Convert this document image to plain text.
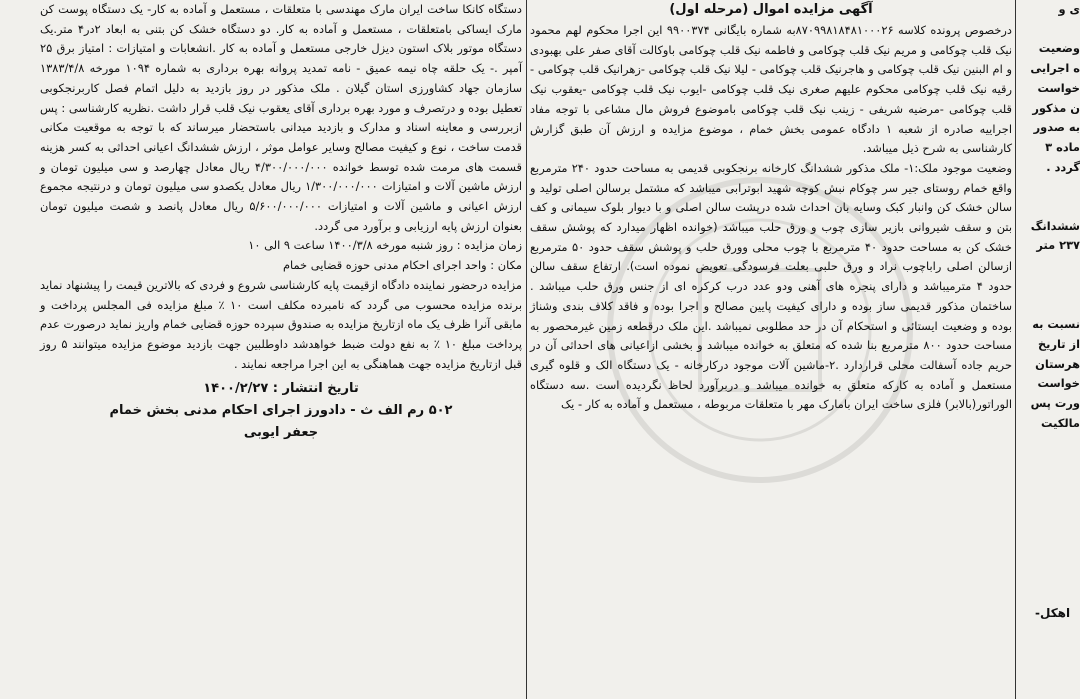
ی و

وضعیت
ه اجرایی
خواست
ن مذکور
به صدور
ماده ۳
گردد .

ششدانگ
۲۳۷ متر

نسبت به
از تاریخ
هرستان
خواست
ورت پس
مالکیت
اهکل-
آگهی مزایده اموال (مرحله اول)

درخصوص پرونده کلاسه ۸۷۰۹۹۸۱۸۴۸۱۰۰۰۲۶به شماره بایگانی ۹۹۰۰۳۷۴ این اجرا محکوم لهم محمود نیک قلب چوکامی و مریم نیک قلب چوکامی و فاطمه نیک قلب چوکامی باوکالت آقای صفر علی بهبودی و ام البنین نیک قلب چوکامی و هاجرنیک قلب چوکامی - لیلا نیک قلب چوکامی -زهرانیک قلب چوکامی - رقیه نیک قلب چوکامی محکوم علیهم صغری نیک قلب چوکامی -ایوب نیک قلب چوکامی -یعقوب نیک قلب چوکامی -مرضیه شریفی - زینب نیک قلب چوکامی باموضوع فروش مال مشاعی با توجه مفاد اجراییه صادره از شعبه ۱ دادگاه عمومی بخش خمام ، موضوع مزایده و ارزش آن طبق گزارش کارشناسی به شرح ذیل میباشد.

وضعیت موجود ملک:۱- ملک مذکور ششدانگ کارخانه برنجکوبی قدیمی به مساحت حدود ۲۴۰ مترمربع واقع خمام روستای جیر سر چوکام نبش کوچه شهید ابوترابی میباشد که مشتمل برسالن اصلی تولید و سالن خشک کن وانبار کبک وسایه بان احداث شده درپشت سالن اصلی و با دیوار بلوک سیمانی و کف بتن و سقف شیروانی بازیر سازی چوب و ورق حلب میباشد (خوانده اظهار میدارد که پوشش سقف خشک کن به مساحت حدود ۴۰ مترمربع با چوب محلی وورق حلب و پوشش سقف حدود ۵۰ مترمربع ازسالن اصلی راباچوب نراد و ورق حلبی بعلت فرسودگی تعویض نموده است). ارتفاع سقف سالن حدود ۴ مترمیباشد و دارای پنجره های آهنی ودو عدد درب کرکره ای از جنس ورق حلب میباشد . ساختمان مذکور قدیمی ساز بوده و دارای کیفیت پایین مصالح و اجرا بوده و فاقد کلاف بندی وشناژ بوده و وضعیت ایستائی و استحکام آن در حد مطلوبی نمیباشد .این ملک درقطعه زمین غیرمحصور به مساحت حدود ۸۰۰ مترمربع بنا شده که متعلق به خوانده میباشد و بخشی ازاعیانی های احداثی آن در حریم جاده آسفالت محلی قراردارد .۲-ماشین آلات موجود درکارخانه - یک دستگاه الک و قلوه گیری مستعمل و آماده به کارکه متعلق به خوانده میباشد و دربرآورد لحاظ نگردیده است .سه دستگاه الوراتور(بالابر) فلزی ساخت ایران بامارک مهر با متعلقات مربوطه ، مستعمل و آماده به کار - یک

دستگاه کانکا ساخت ایران مارک مهندسی با متعلقات ، مستعمل و آماده به کار- یک دستگاه پوست کن مارک ایساکی بامتعلقات ، مستعمل و آماده به کار. دو دستگاه خشک کن بتنی به ابعاد ۲در۴ متر.یک دستگاه موتور بلاک استون دیزل خارجی مستعمل و آماده به کار .انشعابات و امتیازات : امتیاز برق ۲۵ آمپر .- یک حلقه چاه نیمه عمیق - نامه تمدید پروانه بهره برداری به شماره ۱۰۹۴ مورخه ۱۳۸۳/۴/۸ سازمان جهاد کشاورزی استان گیلان . ملک مذکور در روز بازدید به دلیل اتمام فصل کاربرنجکوبی تعطیل بوده و درتصرف و مورد بهره برداری آقای یعقوب نیک قلب قرار داشت .نظریه کارشناسی : پس ازبررسی و معاینه اسناد و مدارک و بازدید میدانی باستحضار میرساند که با توجه به موقعیت مکانی قدمت ساخت ، نوع و کیفیت مصالح وسایر عوامل موثر ، ارزش ششدانگ اعیانی احداثی به کسر هزینه قسمت های مرمت شده توسط خوانده ۴/۳۰۰/۰۰۰/۰۰۰ ریال معادل چهارصد و سی میلیون تومان و ارزش ماشین آلات و امتیازات ۱/۳۰۰/۰۰۰/۰۰۰ ریال معادل یکصدو سی میلیون تومان و درنتیجه مجموع ارزش اعیانی و ماشین آلات و امتیازات ۵/۶۰۰/۰۰۰/۰۰۰ ریال معادل پانصد و شصت میلیون تومان بعنوان ارزش پایه ارزیابی و برآورد می گردد.

زمان مزایده : روز شنبه مورخه ۱۴۰۰/۳/۸ ساعت ۹ الی ۱۰

مکان : واحد اجرای احکام مدنی حوزه قضایی خمام

مزایده درحضور نماینده دادگاه ازقیمت پایه کارشناسی شروع و فردی که بالاترین قیمت را پیشنهاد نماید برنده مزایده محسوب می گردد که نامبرده مکلف است ۱۰ ٪ مبلغ مزایده فی المجلس پرداخت و مابقی آنرا ظرف یک ماه ازتاریخ مزایده به صندوق سپرده حوزه قضایی خمام واریز نماید درصورت عدم پرداخت مبلغ ۱۰ ٪ به نفع دولت ضبط خواهدشد داوطلبین جهت بازدید موضوع مزایده میتوانند ۵ روز قبل ازتاریخ مزایده جهت هماهنگی به این اجرا مراجعه نمایند .

تاریخ انتشار : ۱۴۰۰/۲/۲۷
۵۰۲ رم الف ث - دادورز اجرای احکام مدنی بخش خمام
جعفر ایوبی
